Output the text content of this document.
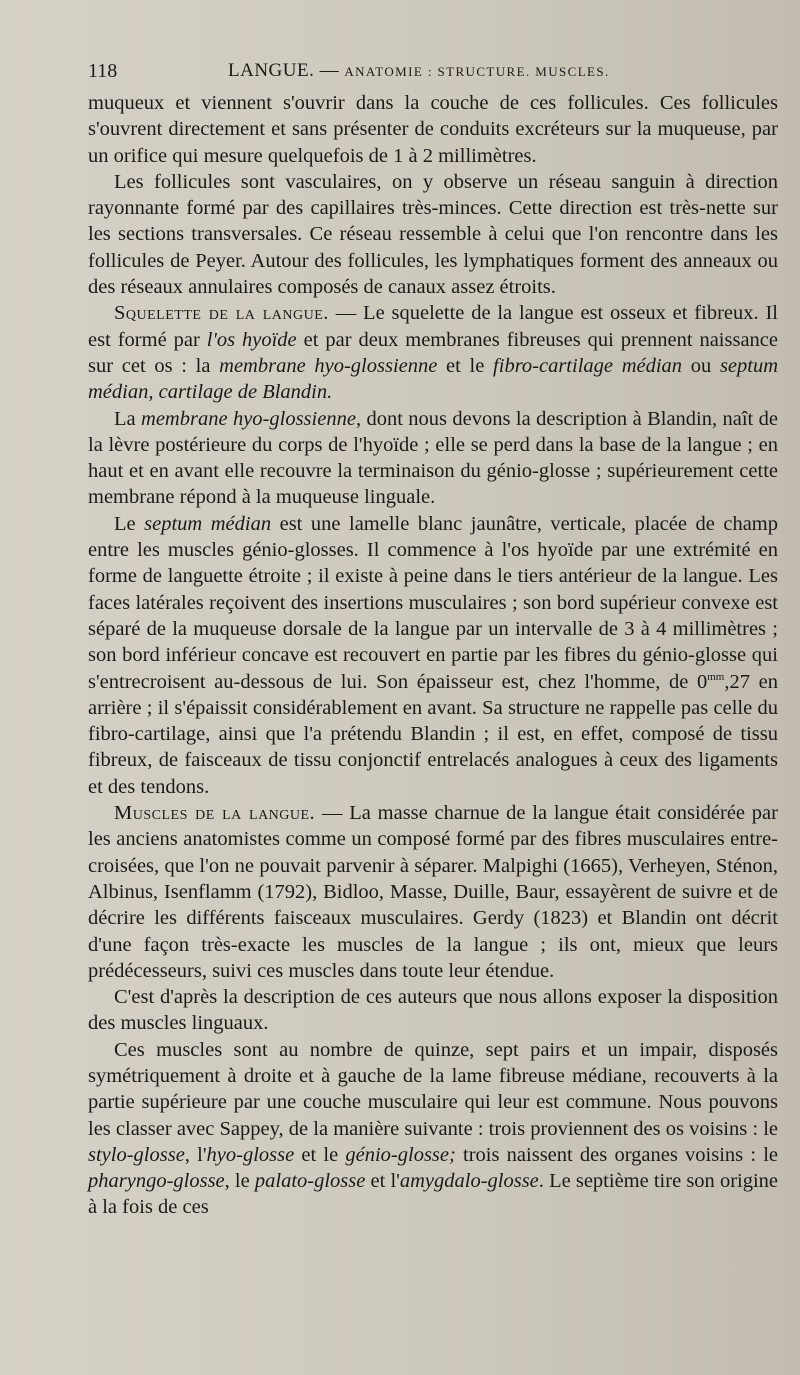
118	LANGUE. — ANATOMIE : STRUCTURE. MUSCLES.

muqueux et viennent s'ouvrir dans la couche de ces follicules. Ces follicules s'ouvrent directement et sans présenter de conduits excréteurs sur la muqueuse, par un orifice qui mesure quelquefois de 1 à 2 millimètres.

Les follicules sont vasculaires, on y observe un réseau sanguin à direction rayonnante formé par des capillaires très-minces. Cette direction est très-nette sur les sections transversales. Ce réseau ressemble à celui que l'on rencontre dans les follicules de Peyer. Autour des follicules, les lymphatiques forment des anneaux ou des réseaux annulaires composés de canaux assez étroits.

Squelette de la langue. — Le squelette de la langue est osseux et fibreux. Il est formé par l'os hyoïde et par deux membranes fibreuses qui prennent naissance sur cet os : la membrane hyo-glossienne et le fibro-cartilage médian ou septum médian, cartilage de Blandin.

La membrane hyo-glossienne, dont nous devons la description à Blandin, naît de la lèvre postérieure du corps de l'hyoïde ; elle se perd dans la base de la langue ; en haut et en avant elle recouvre la terminaison du génio-glosse ; supérieurement cette membrane répond à la muqueuse linguale.

Le septum médian est une lamelle blanc jaunâtre, verticale, placée de champ entre les muscles génio-glosses. Il commence à l'os hyoïde par une extrémité en forme de languette étroite ; il existe à peine dans le tiers antérieur de la langue. Les faces latérales reçoivent des insertions musculaires ; son bord supérieur convexe est séparé de la muqueuse dorsale de la langue par un intervalle de 3 à 4 millimètres ; son bord inférieur concave est recouvert en partie par les fibres du génio-glosse qui s'entrecroisent au-dessous de lui. Son épaisseur est, chez l'homme, de $0^{mm},27$ en arrière ; il s'épaissit considérablement en avant. Sa structure ne rappelle pas celle du fibro-cartilage, ainsi que l'a prétendu Blandin ; il est, en effet, composé de tissu fibreux, de faisceaux de tissu conjonctif entrelacés analogues à ceux des ligaments et des tendons.

Muscles de la langue. — La masse charnue de la langue était considérée par les anciens anatomistes comme un composé formé par des fibres musculaires entre-croisées, que l'on ne pouvait parvenir à séparer. Malpighi (1665), Verheyen, Sténon, Albinus, Isenflamm (1792), Bidloo, Masse, Duille, Baur, essayèrent de suivre et de décrire les différents faisceaux musculaires. Gerdy (1823) et Blandin ont décrit d'une façon très-exacte les muscles de la langue ; ils ont, mieux que leurs prédécesseurs, suivi ces muscles dans toute leur étendue.

C'est d'après la description de ces auteurs que nous allons exposer la disposition des muscles linguaux.

Ces muscles sont au nombre de quinze, sept pairs et un impair, disposés symétriquement à droite et à gauche de la lame fibreuse médiane, recouverts à la partie supérieure par une couche musculaire qui leur est commune. Nous pouvons les classer avec Sappey, de la manière suivante : trois proviennent des os voisins : le stylo-glosse, l'hyo-glosse et le génio-glosse; trois naissent des organes voisins : le pharyngo-glosse, le palato-glosse et l'amygdalo-glosse. Le septième tire son origine à la fois de ces
